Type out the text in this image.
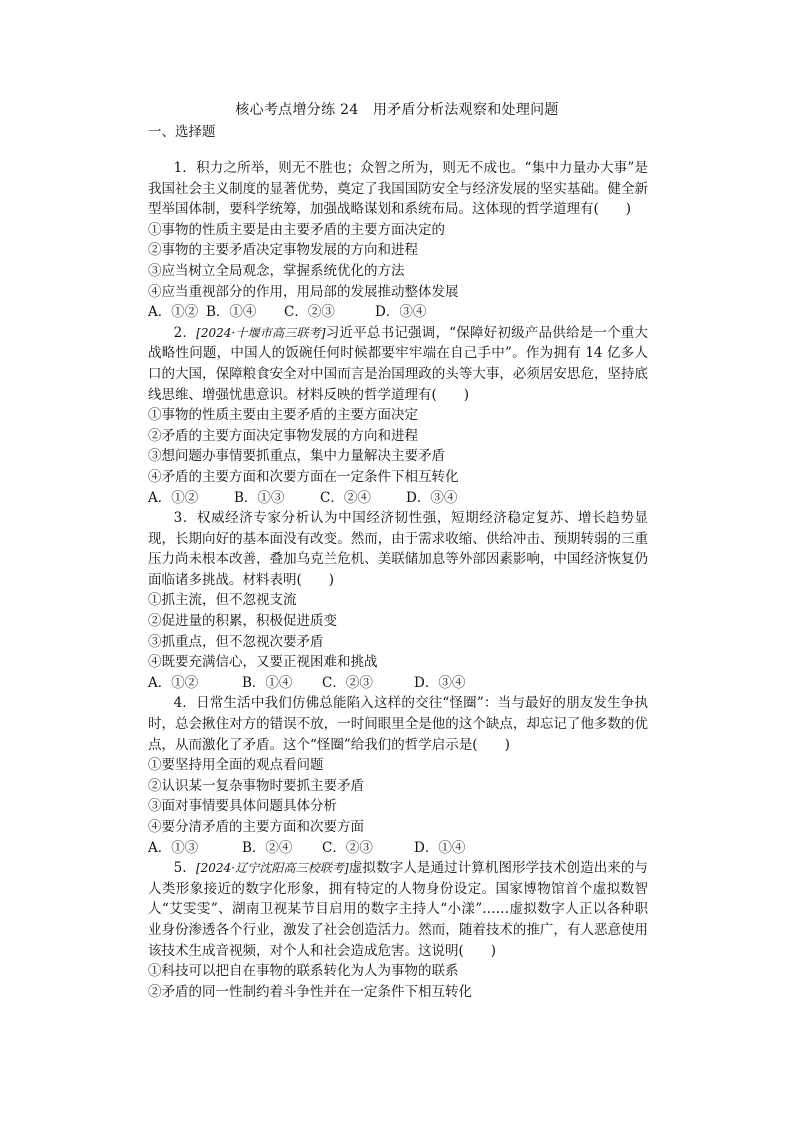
核心考点增分练 24　用矛盾分析法观察和处理问题
一、选择题
1．积力之所举，则无不胜也；众智之所为，则无不成也。“集中力量办大事”是我国社会主义制度的显著优势，奠定了我国国防安全与经济发展的坚实基础。健全新型举国体制，要科学统筹，加强战略谋划和系统布局。这体现的哲学道理有(　　)
①事物的性质主要是由主要矛盾的主要方面决定的
②事物的主要矛盾决定事物发展的方向和进程
③应当树立全局观念，掌握系统优化的方法
④应当重视部分的作用，用局部的发展推动整体发展
A．①② B．①④	C．②③	D．③④
2．[2024·十堰市高三联考]习近平总书记强调，“保障好初级产品供给是一个重大战略性问题，中国人的饭碗任何时候都要牢牢端在自己手中”。作为拥有 14 亿多人口的大国，保障粮食安全对中国而言是治国理政的头等大事，必须居安思危，坚持底线思维、增强忧患意识。材料反映的哲学道理有(　　)
①事物的性质主要由主要矛盾的主要方面决定
②矛盾的主要方面决定事物发展的方向和进程
③想问题办事情要抓重点，集中力量解决主要矛盾
④矛盾的主要方面和次要方面在一定条件下相互转化
A．①②	B．①③	C．②④	D．③④
3．权威经济专家分析认为中国经济韧性强，短期经济稳定复苏、增长趋势显现，长期向好的基本面没有改变。然而，由于需求收缩、供给冲击、预期转弱的三重压力尚未根本改善，叠加乌克兰危机、美联储加息等外部因素影响，中国经济恢复仍面临诸多挑战。材料表明(　　)
①抓主流，但不忽视支流
②促进量的积累，积极促进质变
③抓重点，但不忽视次要矛盾
④既要充满信心，又要正视困难和挑战
A．①②	B．①④	C．②③	D．③④
4．日常生活中我们仿佛总能陷入这样的交往“怪圈”：当与最好的朋友发生争执时，总会揪住对方的错误不放，一时间眼里全是他的这个缺点，却忘记了他多数的优点，从而激化了矛盾。这个“怪圈”给我们的哲学启示是(　　)
①要坚持用全面的观点看问题
②认识某一复杂事物时要抓主要矛盾
③面对事情要具体问题具体分析
④要分清矛盾的主要方面和次要方面
A．①③	B．②④	C．②③	D．①④
5．[2024·辽宁沈阳高三校联考]虚拟数字人是通过计算机图形学技术创造出来的与人类形象接近的数字化形象，拥有特定的人物身份设定。国家博物馆首个虚拟数智人“艾雯雯”、湖南卫视某节目启用的数字主持人“小漾”……虚拟数字人正以各种职业身份渗透各个行业，激发了社会创造活力。然而，随着技术的推广，有人恶意使用该技术生成音视频，对个人和社会造成危害。这说明(　　)
①科技可以把自在事物的联系转化为人为事物的联系
②矛盾的同一性制约着斗争性并在一定条件下相互转化
